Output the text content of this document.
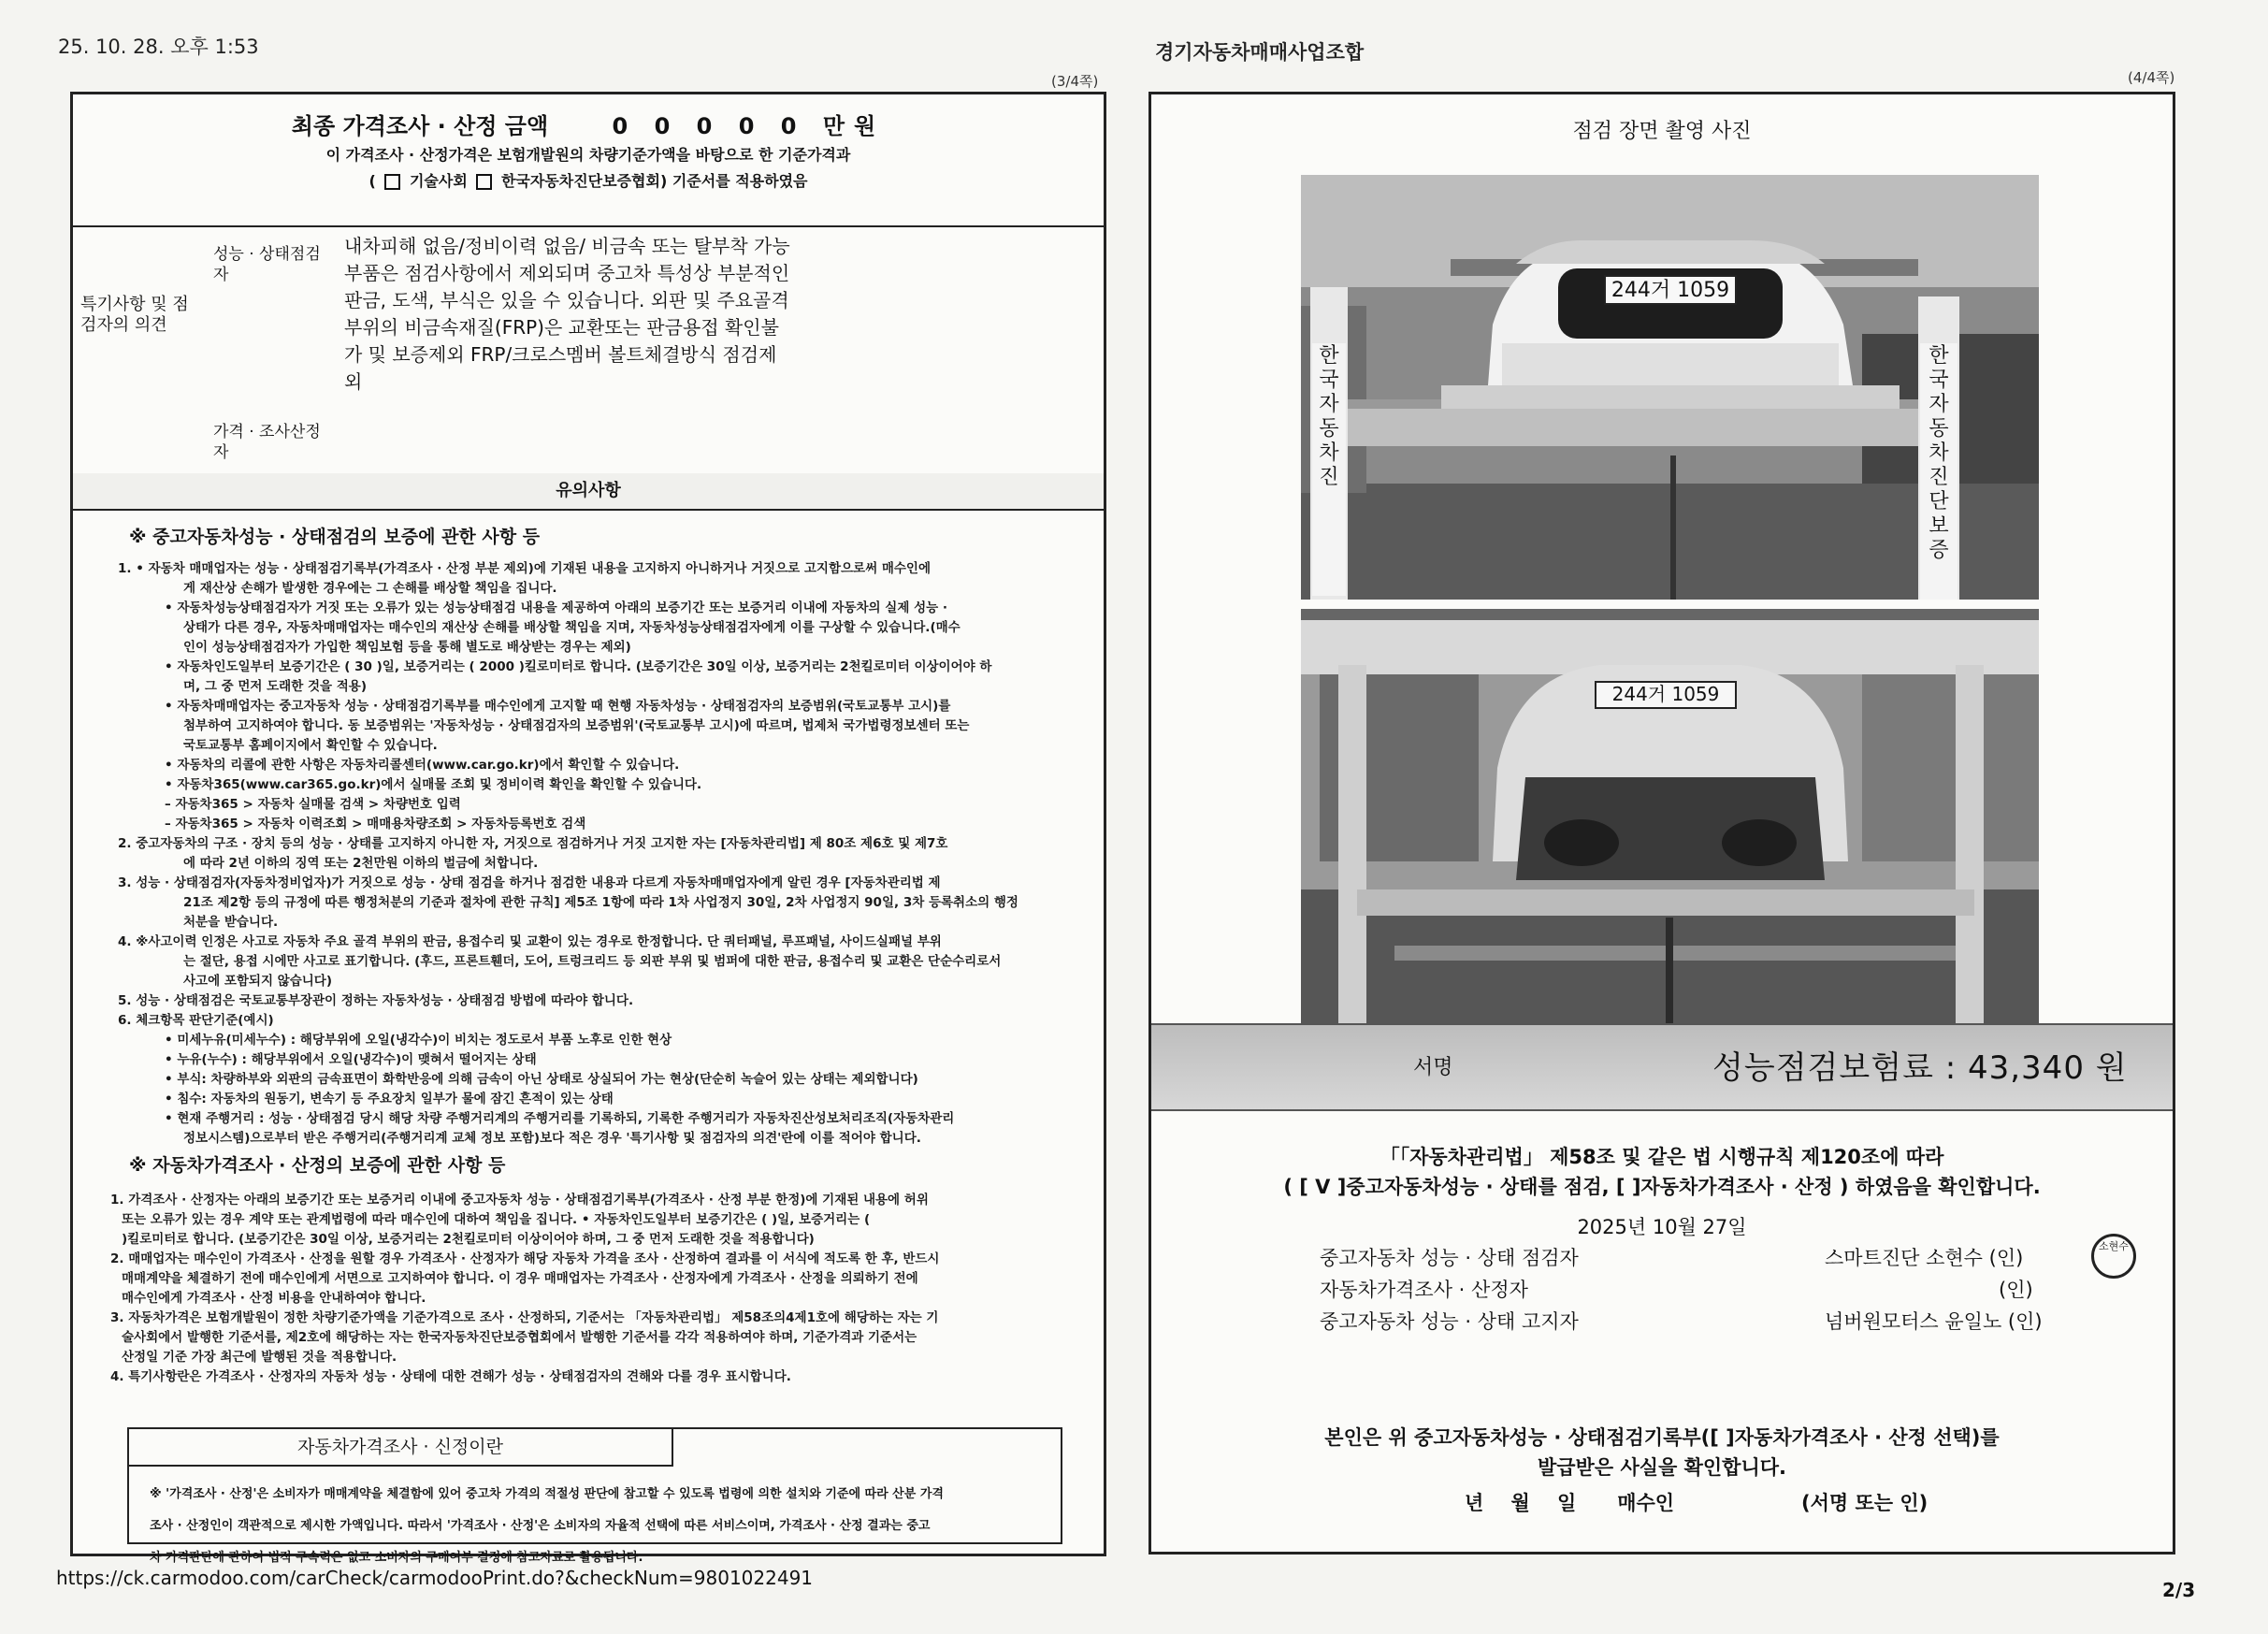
25. 10. 28. 오후 1:53	경기자동차매매사업조합
(3/4쪽)	(4/4쪽)
최종 가격조사 · 산정 금액	0 0 0 0 0 만원
이 가격조사 · 산정가격은 보험개발원의 차량기준가액을 바탕으로 한 기준가격과
( 기술사회 한국자동차진단보증협회) 기준서를 적용하였음
특기사항 및 점검자의 의견
성능 · 상태점검자
내차피해 없음/정비이력 없음/ 비금속 또는 탈부착 가능 부품은 점검사항에서 제외되며 중고차 특성상 부분적인 판금, 도색, 부식은 있을 수 있습니다. 외판 및 주요골격부위의 비금속재질(FRP)은 교환또는 판금용접 확인불가 및 보증제외 FRP/크로스멤버 볼트체결방식 점검제외
가격 · 조사산정자
유의사항
※ 중고자동차성능 · 상태점검의 보증에 관한 사항 등

1. • 자동차 매매업자는 성능 · 상태점검기록부(가격조사 · 산정 부분 제외)에 기재된 내용을 고지하지 아니하거나 거짓으로 고지함으로써 매수인에

게 재산상 손해가 발생한 경우에는 그 손해를 배상할 책임을 집니다.

• 자동차성능상태점검자가 거짓 또는 오류가 있는 성능상태점검 내용을 제공하여 아래의 보증기간 또는 보증거리 이내에 자동차의 실제 성능 ·

상태가 다른 경우, 자동차매매업자는 매수인의 재산상 손해를 배상할 책임을 지며, 자동차성능상태점검자에게 이를 구상할 수 있습니다.(매수

인이 성능상태점검자가 가입한 책임보험 등을 통해 별도로 배상받는 경우는 제외)

• 자동차인도일부터 보증기간은 ( 30 )일, 보증거리는 ( 2000 )킬로미터로 합니다. (보증기간은 30일 이상, 보증거리는 2천킬로미터 이상이어야 하

며, 그 중 먼저 도래한 것을 적용)

• 자동차매매업자는 중고자동차 성능 · 상태점검기록부를 매수인에게 고지할 때 현행 자동차성능 · 상태점검자의 보증범위(국토교통부 고시)를

첨부하여 고지하여야 합니다. 동 보증범위는 '자동차성능 · 상태점검자의 보증범위'(국토교통부 고시)에 따르며, 법제처 국가법령정보센터 또는

국토교통부 홈페이지에서 확인할 수 있습니다.

• 자동차의 리콜에 관한 사항은 자동차리콜센터(www.car.go.kr)에서 확인할 수 있습니다.

• 자동차365(www.car365.go.kr)에서 실매물 조회 및 정비이력 확인을 확인할 수 있습니다.

– 자동차365 > 자동차 실매물 검색 > 차량번호 입력

– 자동차365 > 자동차 이력조회 > 매매용차량조회 > 자동차등록번호 검색

2. 중고자동차의 구조 · 장치 등의 성능 · 상태를 고지하지 아니한 자, 거짓으로 점검하거나 거짓 고지한 자는 [자동차관리법] 제 80조 제6호 및 제7호

에 따라 2년 이하의 징역 또는 2천만원 이하의 벌금에 처합니다.

3. 성능 · 상태점검자(자동차정비업자)가 거짓으로 성능 · 상태 점검을 하거나 점검한 내용과 다르게 자동차매매업자에게 알린 경우 [자동차관리법 제

21조 제2항 등의 규정에 따른 행정처분의 기준과 절차에 관한 규칙] 제5조 1항에 따라 1차 사업정지 30일, 2차 사업정지 90일, 3차 등록취소의 행정

처분을 받습니다.

4. ※사고이력 인정은 사고로 자동차 주요 골격 부위의 판금, 용접수리 및 교환이 있는 경우로 한정합니다. 단 쿼터패널, 루프패널, 사이드실패널 부위

는 절단, 용접 시에만 사고로 표기합니다. (후드, 프론트휀더, 도어, 트렁크리드 등 외판 부위 및 범퍼에 대한 판금, 용접수리 및 교환은 단순수리로서

사고에 포함되지 않습니다)

5. 성능 · 상태점검은 국토교통부장관이 정하는 자동차성능 · 상태점검 방법에 따라야 합니다.

6. 체크항목 판단기준(예시)

• 미세누유(미세누수) : 해당부위에 오일(냉각수)이 비치는 정도로서 부품 노후로 인한 현상

• 누유(누수) : 해당부위에서 오일(냉각수)이 맺혀서 떨어지는 상태

• 부식: 차량하부와 외판의 금속표면이 화학반응에 의해 금속이 아닌 상태로 상실되어 가는 현상(단순히 녹슬어 있는 상태는 제외합니다)

• 침수: 자동차의 원동기, 변속기 등 주요장치 일부가 물에 잠긴 흔적이 있는 상태

• 현재 주행거리 : 성능 · 상태점검 당시 해당 차량 주행거리계의 주행거리를 기록하되, 기록한 주행거리가 자동차진산성보처리조직(자동차관리

정보시스템)으로부터 받은 주행거리(주행거리계 교체 정보 포함)보다 적은 경우 '특기사항 및 점검자의 의견'란에 이를 적어야 합니다.

※ 자동차가격조사 · 산정의 보증에 관한 사항 등

1. 가격조사 · 산정자는 아래의 보증기간 또는 보증거리 이내에 중고자동차 성능 · 상태점검기록부(가격조사 · 산정 부분 한정)에 기재된 내용에 허위

또는 오류가 있는 경우 계약 또는 관계법령에 따라 매수인에 대하여 책임을 집니다. • 자동차인도일부터 보증기간은 ( )일, 보증거리는 (

)킬로미터로 합니다. (보증기간은 30일 이상, 보증거리는 2천킬로미터 이상이어야 하며, 그 중 먼저 도래한 것을 적용합니다)

2. 매매업자는 매수인이 가격조사 · 산정을 원할 경우 가격조사 · 산정자가 해당 자동차 가격을 조사 · 산정하여 결과를 이 서식에 적도록 한 후, 반드시

매매계약을 체결하기 전에 매수인에게 서면으로 고지하여야 합니다. 이 경우 매매업자는 가격조사 · 산정자에게 가격조사 · 산정을 의뢰하기 전에

매수인에게 가격조사 · 산정 비용을 안내하여야 합니다.

3. 자동차가격은 보험개발원이 정한 차량기준가액을 기준가격으로 조사 · 산정하되, 기준서는 「자동차관리법」 제58조의4제1호에 해당하는 자는 기

술사회에서 발행한 기준서를, 제2호에 해당하는 자는 한국자동차진단보증협회에서 발행한 기준서를 각각 적용하여야 하며, 기준가격과 기준서는

산정일 기준 가장 최근에 발행된 것을 적용합니다.

4. 특기사항란은 가격조사 · 산정자의 자동차 성능 · 상태에 대한 견해가 성능 · 상태점검자의 견해와 다를 경우 표시합니다.

자동차가격조사 · 신정이란

※ '가격조사 · 산정'은 소비자가 매매계약을 체결함에 있어 중고차 가격의 적절성 판단에 참고할 수 있도록 법령에 의한 설치와 기준에 따라 산분 가격

조사 · 산정인이 객관적으로 제시한 가액입니다. 따라서 '가격조사 · 산정'은 소비자의 자율적 선택에 따른 서비스이며, 가격조사 · 산정 결과는 중고

차 가격판단에 관하여 법적 구속력은 없고 소비자의 구매여부 결정에 참고자료로 활용됩니다.

점검 장면 촬영 사진
244거 1059
한 국 자 동 차 진
한 국 자 동 차 진 단 보 증
244거 1059
서명	성능점검보험료 : 43,340 원
「「자동차관리법」 제58조 및 같은 법 시행규칙 제120조에 따라
( [ V ]중고자동차성능 · 상태를 점검, [ ]자동차가격조사 · 산정 ) 하였음을 확인합니다.
2025년 10월 27일
중고자동차 성능 · 상태 점검자	스마트진단 소현수 (인)
자동차가격조사 · 산정자	(인)
중고자동차 성능 · 상태 고지자	넘버원모터스 윤일노 (인)
소현수
본인은 위 중고자동차성능 · 상태점검기록부([ ]자동차가격조사 · 산정 선택)를
발급받은 사실을 확인합니다.
년    월    일      매수인	(서명 또는 인)
https://ck.carmodoo.com/carCheck/carmodooPrint.do?&checkNum=9801022491
2/3
